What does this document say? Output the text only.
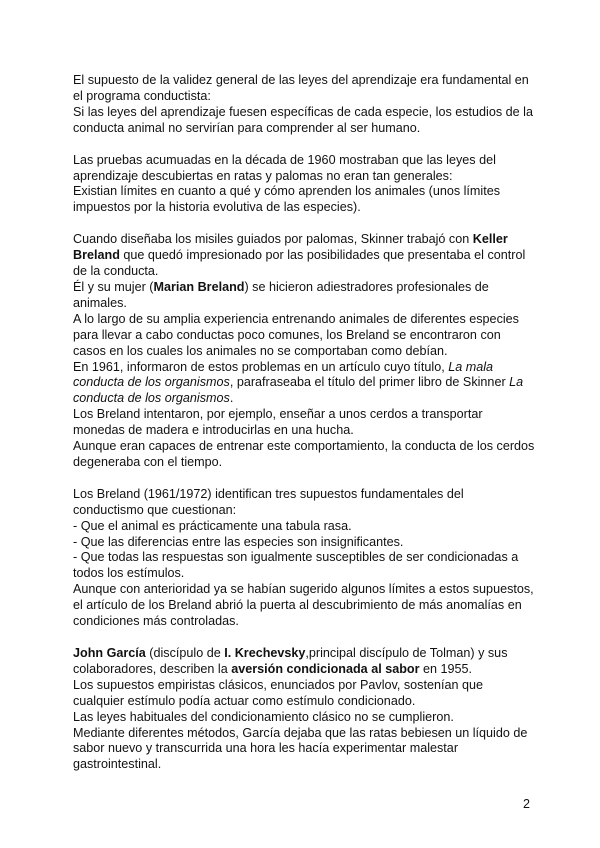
El supuesto de la validez general de las leyes del aprendizaje era fundamental en
el programa conductista:
Si las leyes del aprendizaje fuesen específicas de cada especie, los estudios de la
conducta animal no servirían para comprender al ser humano.

Las pruebas acumuadas en la década de 1960 mostraban que las leyes del
aprendizaje descubiertas en ratas y palomas no eran tan generales:
Existian límites en cuanto a qué y cómo aprenden los animales (unos límites
impuestos por la historia evolutiva de las especies).

Cuando diseñaba los misiles guiados por palomas, Skinner trabajó con Keller
Breland que quedó impresionado por las posibilidades que presentaba el control
de la conducta.
Él y su mujer (Marian Breland) se hicieron adiestradores profesionales de
animales.
A lo largo de su amplia experiencia entrenando animales de diferentes especies
para llevar a cabo conductas poco comunes, los Breland se encontraron con
casos en los cuales los animales no se comportaban como debían.
En 1961, informaron de estos problemas en un artículo cuyo título, La mala
conducta de los organismos, parafraseaba el título del primer libro de Skinner La
conducta de los organismos.
Los Breland intentaron, por ejemplo, enseñar a unos cerdos a transportar
monedas de madera e introducirlas en una hucha.
Aunque eran capaces de entrenar este comportamiento, la conducta de los cerdos
degeneraba con el tiempo.

Los Breland (1961/1972) identifican tres supuestos fundamentales del
conductismo que cuestionan:
- Que el animal es prácticamente una tabula rasa.
- Que las diferencias entre las especies son insignificantes.
- Que todas las respuestas son igualmente susceptibles de ser condicionadas a
todos los estímulos.
Aunque con anterioridad ya se habían sugerido algunos límites a estos supuestos,
el artículo de los Breland abrió la puerta al descubrimiento de más anomalías en
condiciones más controladas.

John García (discípulo de I. Krechevsky,principal discípulo de Tolman) y sus
colaboradores, describen la aversión condicionada al sabor en 1955.
Los supuestos empiristas clásicos, enunciados por Pavlov, sostenían que
cualquier estímulo podía actuar como estímulo condicionado.
Las leyes habituales del condicionamiento clásico no se cumplieron.
Mediante diferentes métodos, García dejaba que las ratas bebiesen un líquido de
sabor nuevo y transcurrida una hora les hacía experimentar malestar
gastrointestinal.

2
